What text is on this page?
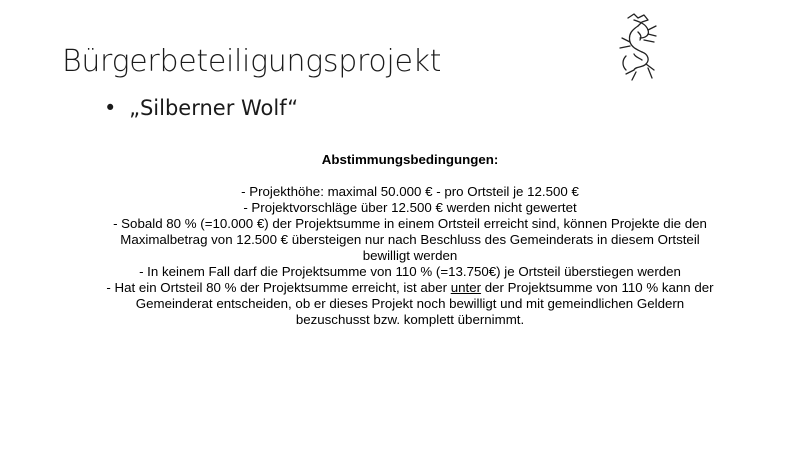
Bürgerbeteiligungsprojekt
• „Silberner Wolf“
Abstimmungsbedingungen:

- Projekthöhe: maximal 50.000 € - pro Ortsteil je 12.500 €

- Projektvorschläge über 12.500 € werden nicht gewertet

- Sobald 80 % (=10.000 €) der Projektsumme in einem Ortsteil erreicht sind, können Projekte die den Maximalbetrag von 12.500 € übersteigen nur nach Beschluss des Gemeinderats in diesem Ortsteil bewilligt werden

- In keinem Fall darf die Projektsumme von 110 % (=13.750€) je Ortsteil überstiegen werden

- Hat ein Ortsteil 80 % der Projektsumme erreicht, ist aber unter der Projektsumme von 110 % kann der Gemeinderat entscheiden, ob er dieses Projekt noch bewilligt und mit gemeindlichen Geldern bezuschusst bzw. komplett übernimmt.
